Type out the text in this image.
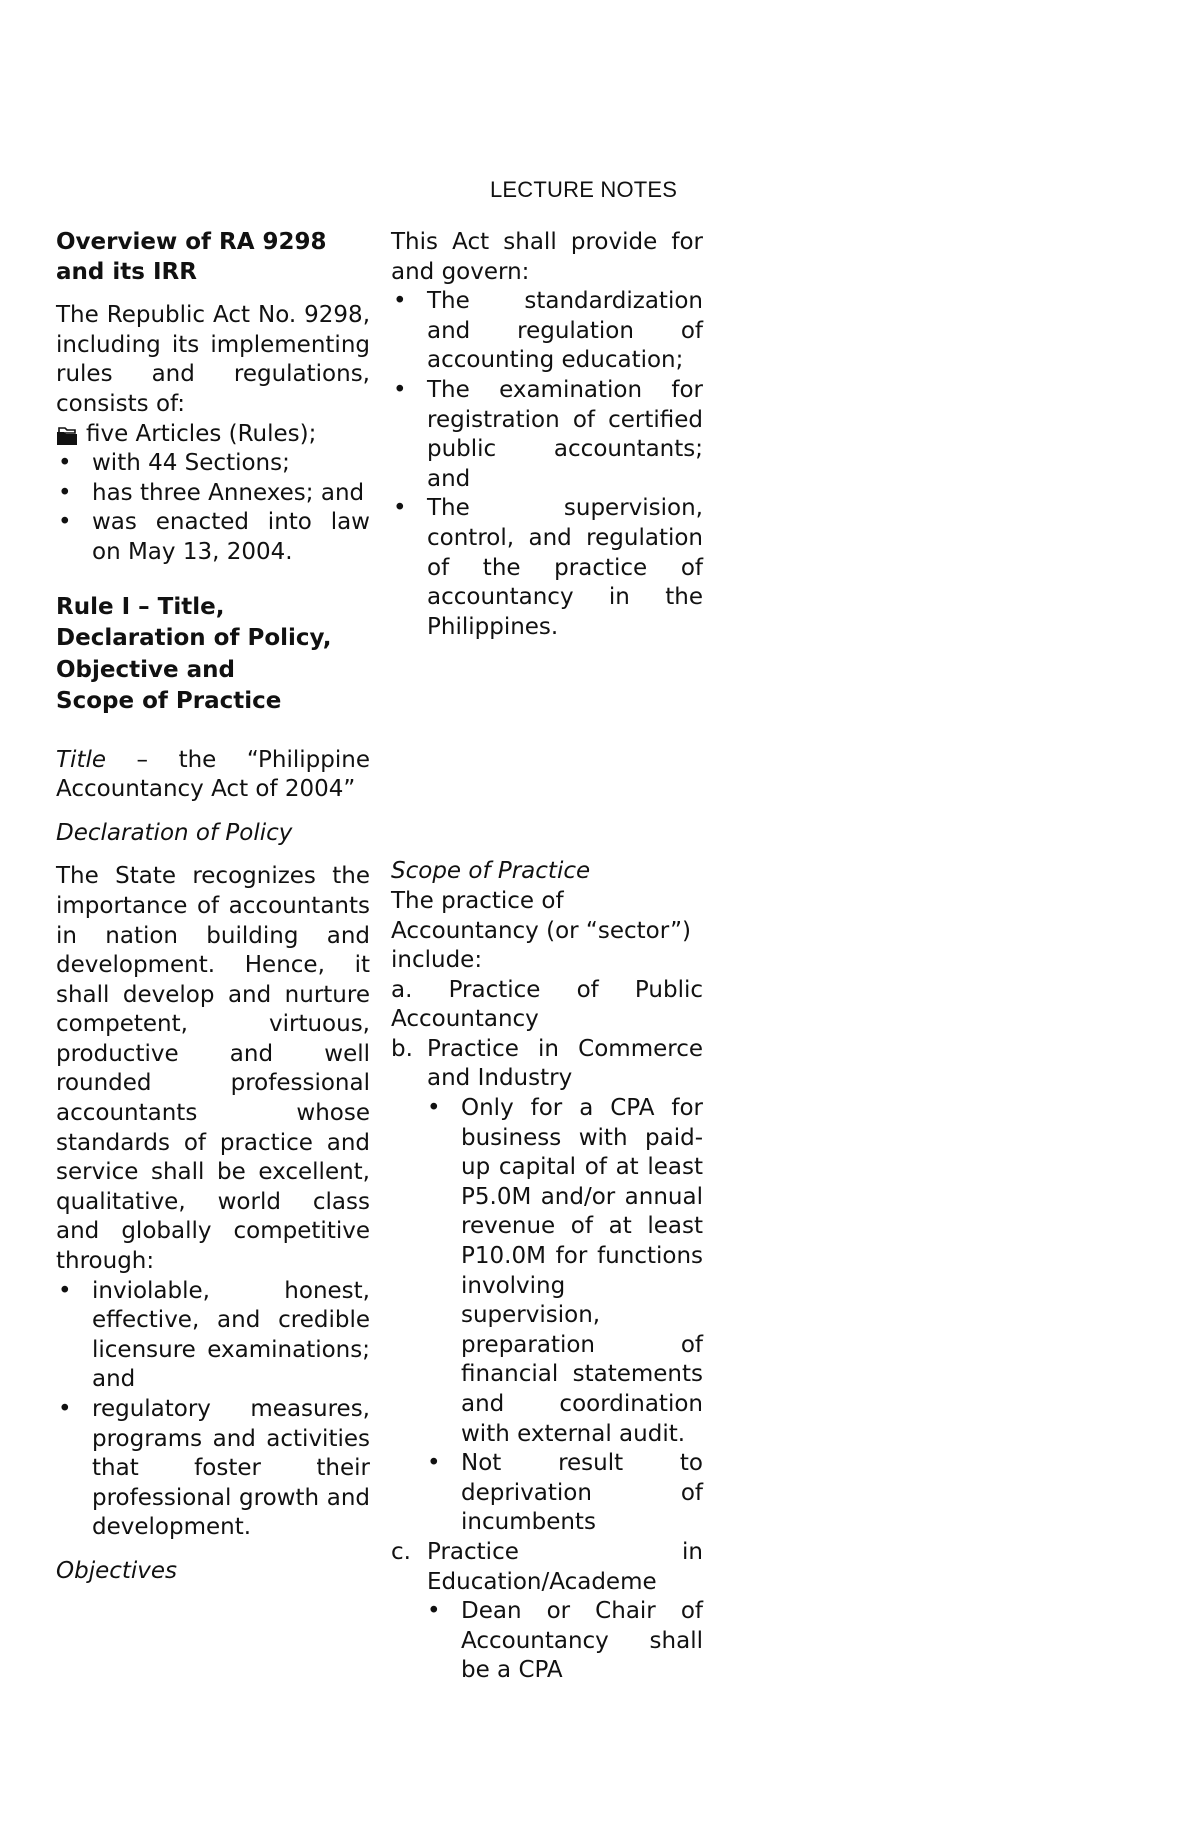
LECTURE NOTES

Overview of RA 9298
and its IRR

The Republic Act No. 9298, including its implementing rules and regulations, consists of:

five Articles (Rules);
• with 44 Sections;
• has three Annexes; and
• was enacted into law on May 13, 2004.

Rule I – Title,
Declaration of Policy,
Objective and
Scope of Practice

Title – the “Philippine Accountancy Act of 2004”

Declaration of Policy

The State recognizes the importance of accountants in nation building and development. Hence, it shall develop and nurture competent, virtuous, productive and well rounded professional accountants whose standards of practice and service shall be excellent, qualitative, world class and globally competitive through:

• inviolable, honest, effective, and credible licensure examinations; and
• regulatory measures, programs and activities that foster their professional growth and development.

Objectives

This Act shall provide for and govern:

• The standardization and regulation of accounting education;
• The examination for registration of certified public accountants; and
• The supervision, control, and regulation of the practice of accountancy in the Philippines.

Scope of Practice

The practice of Accountancy (or “sector”) include:

a. Practice of Public Accountancy
b. Practice in Commerce and Industry
• Only for a CPA for business with paid-up capital of at least P5.0M and/or annual revenue of at least P10.0M for functions involving supervision, preparation of financial statements and coordination with external audit.
• Not result to deprivation of incumbents
c. Practice in Education/Academe
• Dean or Chair of Accountancy shall be a CPA
